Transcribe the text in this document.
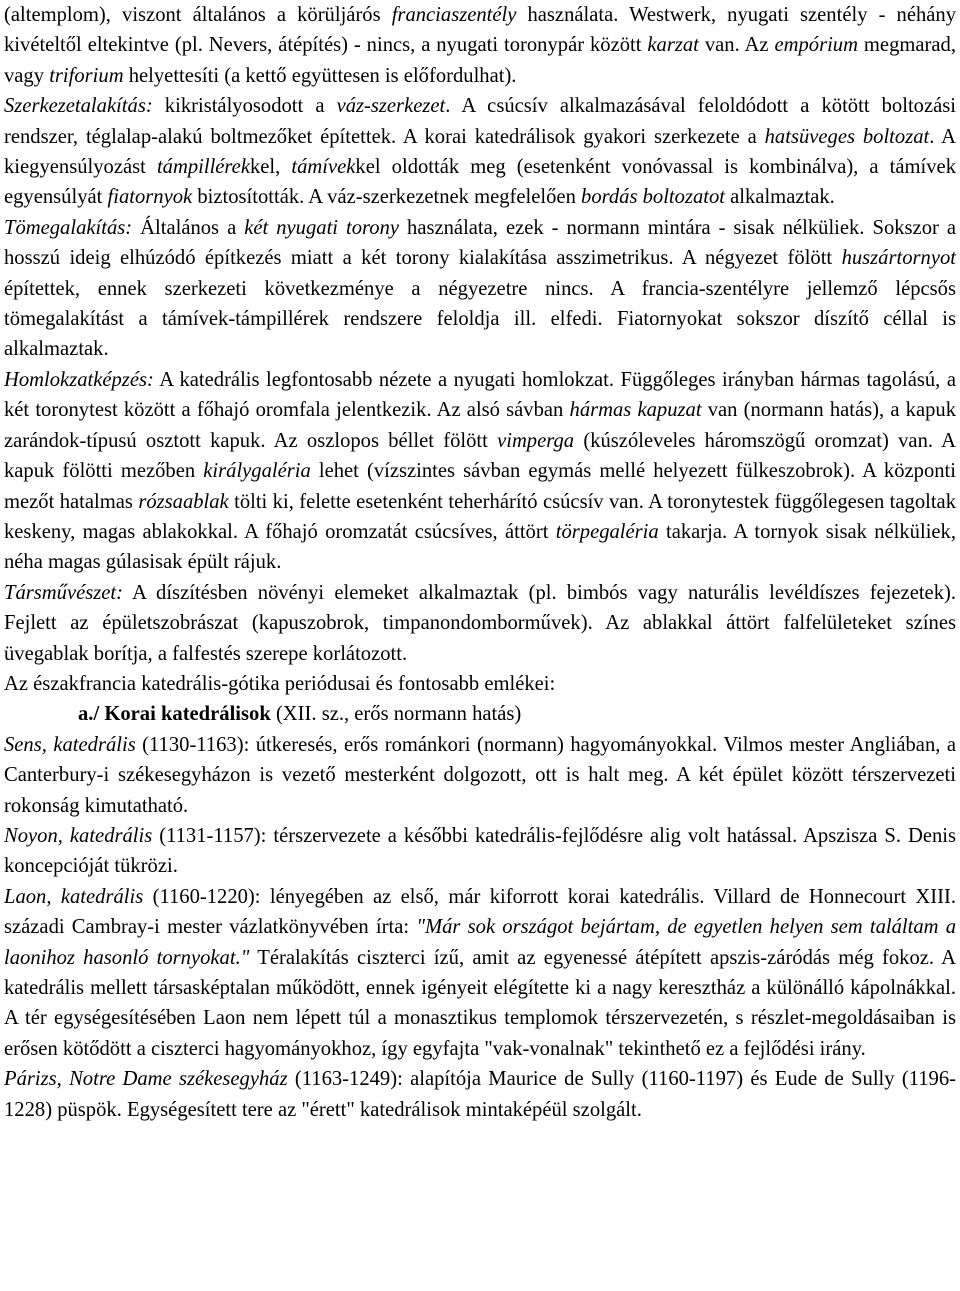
(altemplom), viszont általános a körüljárós franciaszentély használata. Westwerk, nyugati szentély - néhány kivételtől eltekintve (pl. Nevers, átépítés) - nincs, a nyugati toronypár között karzat van. Az empórium megmarad, vagy triforium helyettesíti (a kettő együttesen is előfordulhat).

Szerkezetalakítás: kikristályosodott a váz-szerkezet. A csúcsív alkalmazásával feloldódott a kötött boltozási rendszer, téglalap-alakú boltmezőket építettek. A korai katedrálisok gyakori szerkezete a hatsüveges boltozat. A kiegyensúlyozást támpillérekkel, támívekkel oldották meg (esetenként vonóvassal is kombinálva), a támívek egyensúlyát fiatornyok biztosították. A váz-szerkezetnek megfelelően bordás boltozatot alkalmaztak.

Tömegalakítás: Általános a két nyugati torony használata, ezek - normann mintára - sisak nélküliek. Sokszor a hosszú ideig elhúzódó építkezés miatt a két torony kialakítása asszimetrikus. A négyezet fölött huszártornyot építettek, ennek szerkezeti következménye a négyezetre nincs. A francia-szentélyre jellemző lépcsős tömegalakítást a támívek-támpillérek rendszere feloldja ill. elfedi. Fiatornyokat sokszor díszítő céllal is alkalmaztak.

Homlokzatképzés: A katedrális legfontosabb nézete a nyugati homlokzat. Függőleges irányban hármas tagolású, a két toronytest között a főhajó oromfala jelentkezik. Az alsó sávban hármas kapuzat van (normann hatás), a kapuk zarándok-típusú osztott kapuk. Az oszlopos béllet fölött vimperga (kúszóleveles háromszögű oromzat) van. A kapuk fölötti mezőben királygaléria lehet (vízszintes sávban egymás mellé helyezett fülkeszobrok). A központi mezőt hatalmas rózsaablak tölti ki, felette esetenként teherhárító csúcsív van. A toronytestek függőlegesen tagoltak keskeny, magas ablakokkal. A főhajó oromzatát csúcsíves, áttört törpegaléria takarja. A tornyok sisak nélküliek, néha magas gúlasisak épült rájuk.

Társművészet: A díszítésben növényi elemeket alkalmaztak (pl. bimbós vagy naturális levéldíszes fejezetek). Fejlett az épületszobrászat (kapuszobrok, timpanondomborművek). Az ablakkal áttört falfelületeket színes üvegablak borítja, a falfestés szerepe korlátozott.

Az északfrancia katedrális-gótika periódusai és fontosabb emlékei:

a./ Korai katedrálisok (XII. sz., erős normann hatás)

Sens, katedrális (1130-1163): útkeresés, erős románkori (normann) hagyományokkal. Vilmos mester Angliában, a Canterbury-i székesegyházon is vezető mesterként dolgozott, ott is halt meg. A két épület között térszervezeti rokonság kimutatható.

Noyon, katedrális (1131-1157): térszervezete a későbbi katedrális-fejlődésre alig volt hatással. Apszisza S. Denis koncepcióját tükrözi.

Laon, katedrális (1160-1220): lényegében az első, már kiforrott korai katedrális. Villard de Honnecourt XIII. századi Cambray-i mester vázlatkönyvében írta: "Már sok országot bejártam, de egyetlen helyen sem találtam a laonihoz hasonló tornyokat." Téralakítás ciszterci ízű, amit az egyenessé átépített apszis-záródás még fokoz. A katedrális mellett társasképtalan működött, ennek igényeit elégítette ki a nagy keresztház a különálló kápolnákkal. A tér egységesítésében Laon nem lépett túl a monasztikus templomok térszervezetén, s részlet-megoldásaiban is erősen kötődött a ciszterci hagyományokhoz, így egyfajta "vak-vonalnak" tekinthető ez a fejlődési irány.

Párizs, Notre Dame székesegyház (1163-1249): alapítója Maurice de Sully (1160-1197) és Eude de Sully (1196-1228) püspök. Egységesített tere az "érett" katedrálisok mintaképéül szolgált.
